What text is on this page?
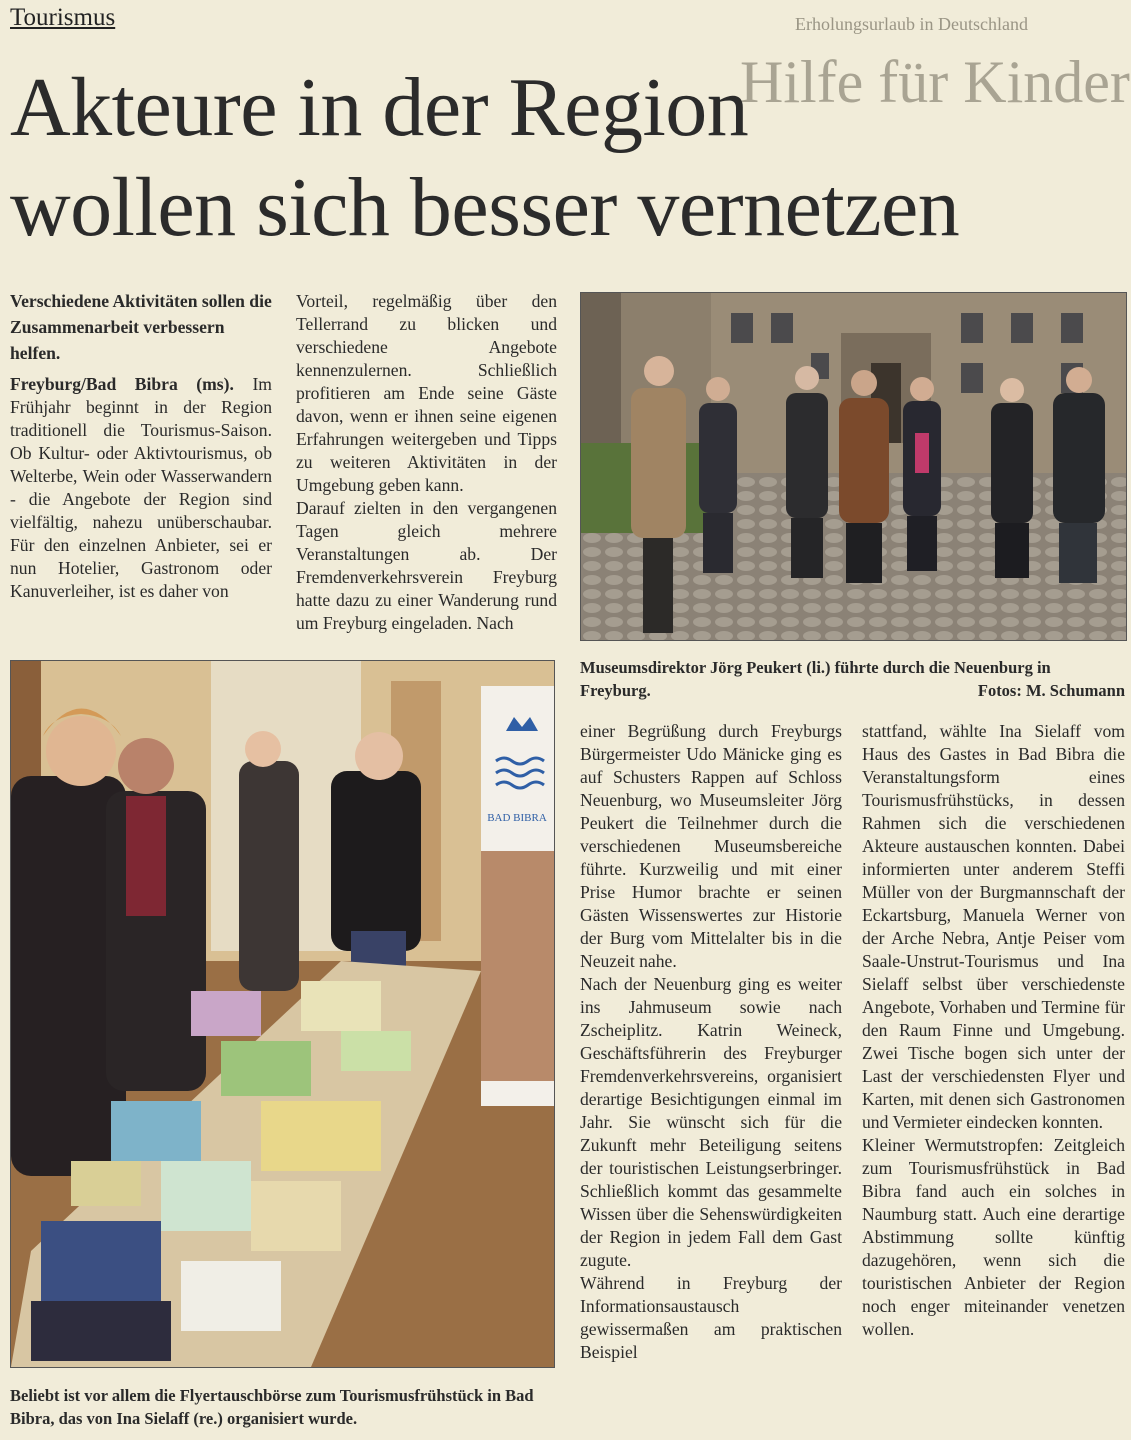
Tourismus	Erholungsurlaub in Deutschland
Hilfe für Kinder
Akteure in der Region
wollen sich besser vernetzen

Verschiedene Aktivitäten sollen die Zusammenarbeit verbessern helfen.

Freyburg/Bad Bibra (ms). Im Frühjahr beginnt in der Region traditionell die Tourismus-Saison. Ob Kultur- oder Aktivtourismus, ob Welterbe, Wein oder Wasserwandern - die Angebote der Region sind vielfältig, nahezu unüberschaubar. Für den einzelnen Anbieter, sei er nun Hotelier, Gastronom oder Kanuverleiher, ist es daher von

Vorteil, regelmäßig über den Tellerrand zu blicken und verschiedene Angebote kennenzulernen. Schließlich profitieren am Ende seine Gäste davon, wenn er ihnen seine eigenen Erfahrungen weitergeben und Tipps zu weiteren Aktivitäten in der Umgebung geben kann.

Darauf zielten in den vergangenen Tagen gleich mehrere Veranstaltungen ab. Der Fremdenverkehrsverein Freyburg hatte dazu zu einer Wanderung rund um Freyburg eingeladen. Nach

Museumsdirektor Jörg Peukert (li.) führte durch die Neuenburg in Freyburg.	Fotos: M. Schumann
BAD BIBRA
Beliebt ist vor allem die Flyertauschbörse zum Tourismusfrühstück in Bad Bibra, das von Ina Sielaff (re.) organisiert wurde.

einer Begrüßung durch Freyburgs Bürgermeister Udo Mänicke ging es auf Schusters Rappen auf Schloss Neuenburg, wo Museumsleiter Jörg Peukert die Teilnehmer durch die verschiedenen Museumsbereiche führte. Kurzweilig und mit einer Prise Humor brachte er seinen Gästen Wissenswertes zur Historie der Burg vom Mittelalter bis in die Neuzeit nahe.

Nach der Neuenburg ging es weiter ins Jahmuseum sowie nach Zscheiplitz. Katrin Weineck, Geschäftsführerin des Freyburger Fremdenverkehrsvereins, organisiert derartige Besichtigungen einmal im Jahr. Sie wünscht sich für die Zukunft mehr Beteiligung seitens der touristischen Leistungserbringer. Schließlich kommt das gesammelte Wissen über die Sehenswürdigkeiten der Region in jedem Fall dem Gast zugute.

Während in Freyburg der Informationsaustausch gewissermaßen am praktischen Beispiel

stattfand, wählte Ina Sielaff vom Haus des Gastes in Bad Bibra die Veranstaltungsform eines Tourismusfrühstücks, in dessen Rahmen sich die verschiedenen Akteure austauschen konnten. Dabei informierten unter anderem Steffi Müller von der Burgmannschaft der Eckartsburg, Manuela Werner von der Arche Nebra, Antje Peiser vom Saale-Unstrut-Tourismus und Ina Sielaff selbst über verschiedenste Angebote, Vorhaben und Termine für den Raum Finne und Umgebung. Zwei Tische bogen sich unter der Last der verschiedensten Flyer und Karten, mit denen sich Gastronomen und Vermieter eindecken konnten.

Kleiner Wermutstropfen: Zeitgleich zum Tourismusfrühstück in Bad Bibra fand auch ein solches in Naumburg statt. Auch eine derartige Abstimmung sollte künftig dazugehören, wenn sich die touristischen Anbieter der Region noch enger miteinander venetzen wollen.
